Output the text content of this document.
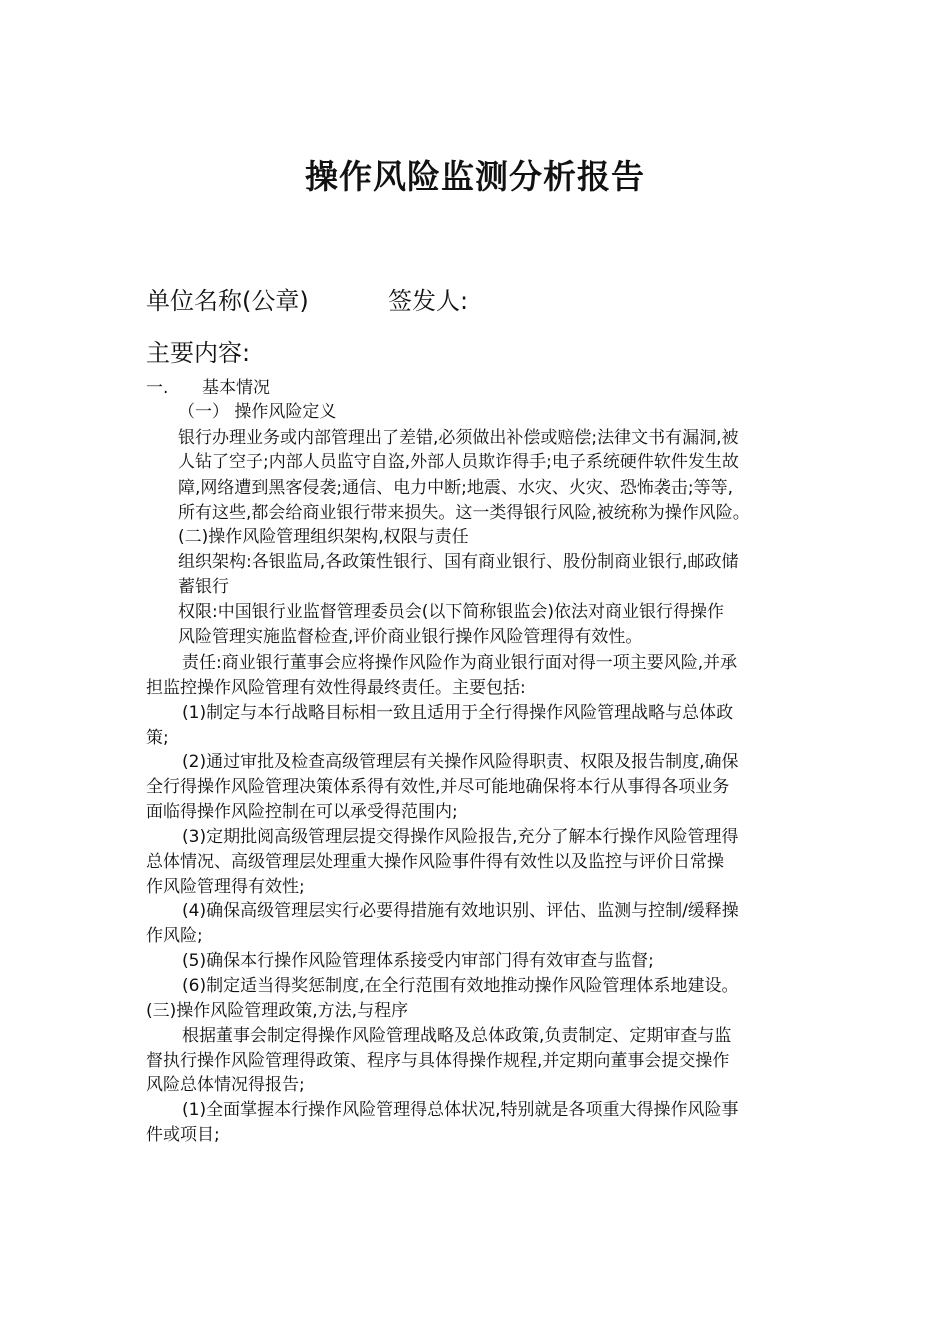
操作风险监测分析报告
单位名称(公章)	签发人:
主要内容:
一. 基本情况
（一） 操作风险定义
银行办理业务或内部管理出了差错,必须做出补偿或赔偿;法律文书有漏洞,被
人钻了空子;内部人员监守自盗,外部人员欺诈得手;电子系统硬件软件发生故
障,网络遭到黑客侵袭;通信、电力中断;地震、水灾、火灾、恐怖袭击;等等,
所有这些,都会给商业银行带来损失。这一类得银行风险,被统称为操作风险。
(二)操作风险管理组织架构,权限与责任
组织架构:各银监局,各政策性银行、国有商业银行、股份制商业银行,邮政储
蓄银行
权限:中国银行业监督管理委员会(以下简称银监会)依法对商业银行得操作
风险管理实施监督检查,评价商业银行操作风险管理得有效性。
责任:商业银行董事会应将操作风险作为商业银行面对得一项主要风险,并承
担监控操作风险管理有效性得最终责任。主要包括:
(1)制定与本行战略目标相一致且适用于全行得操作风险管理战略与总体政
策;
(2)通过审批及检查高级管理层有关操作风险得职责、权限及报告制度,确保
全行得操作风险管理决策体系得有效性,并尽可能地确保将本行从事得各项业务
面临得操作风险控制在可以承受得范围内;
(3)定期批阅高级管理层提交得操作风险报告,充分了解本行操作风险管理得
总体情况、高级管理层处理重大操作风险事件得有效性以及监控与评价日常操
作风险管理得有效性;
(4)确保高级管理层实行必要得措施有效地识别、评估、监测与控制/缓释操
作风险;
(5)确保本行操作风险管理体系接受内审部门得有效审查与监督;
(6)制定适当得奖惩制度,在全行范围有效地推动操作风险管理体系地建设。
(三)操作风险管理政策,方法,与程序
根据董事会制定得操作风险管理战略及总体政策,负责制定、定期审查与监
督执行操作风险管理得政策、程序与具体得操作规程,并定期向董事会提交操作
风险总体情况得报告;
(1)全面掌握本行操作风险管理得总体状况,特别就是各项重大得操作风险事
件或项目;
